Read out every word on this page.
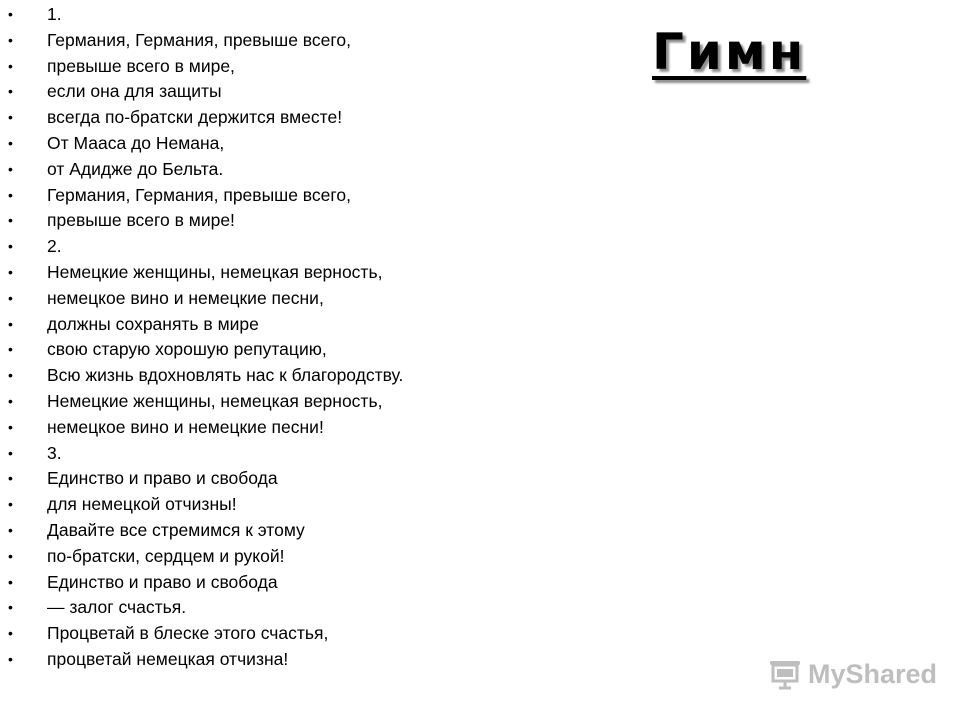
• 1.
• Германия, Германия, превыше всего,
• превыше всего в мире,
• если она для защиты
• всегда по-братски держится вместе!
• От Мааса до Немана,
• от Адидже до Бельта.
• Германия, Германия, превыше всего,
• превыше всего в мире!
• 2.
• Немецкие женщины, немецкая верность,
• немецкое вино и немецкие песни,
• должны сохранять в мире
• свою старую хорошую репутацию,
• Всю жизнь вдохновлять нас к благородству.
• Немецкие женщины, немецкая верность,
• немецкое вино и немецкие песни!
• 3.
• Единство и право и свобода
• для немецкой отчизны!
• Давайте все стремимся к этому
• по-братски, сердцем и рукой!
• Единство и право и свобода
• — залог счастья.
• Процветай в блеске этого счастья,
• процветай немецкая отчизна!
Гимн
MyShared
